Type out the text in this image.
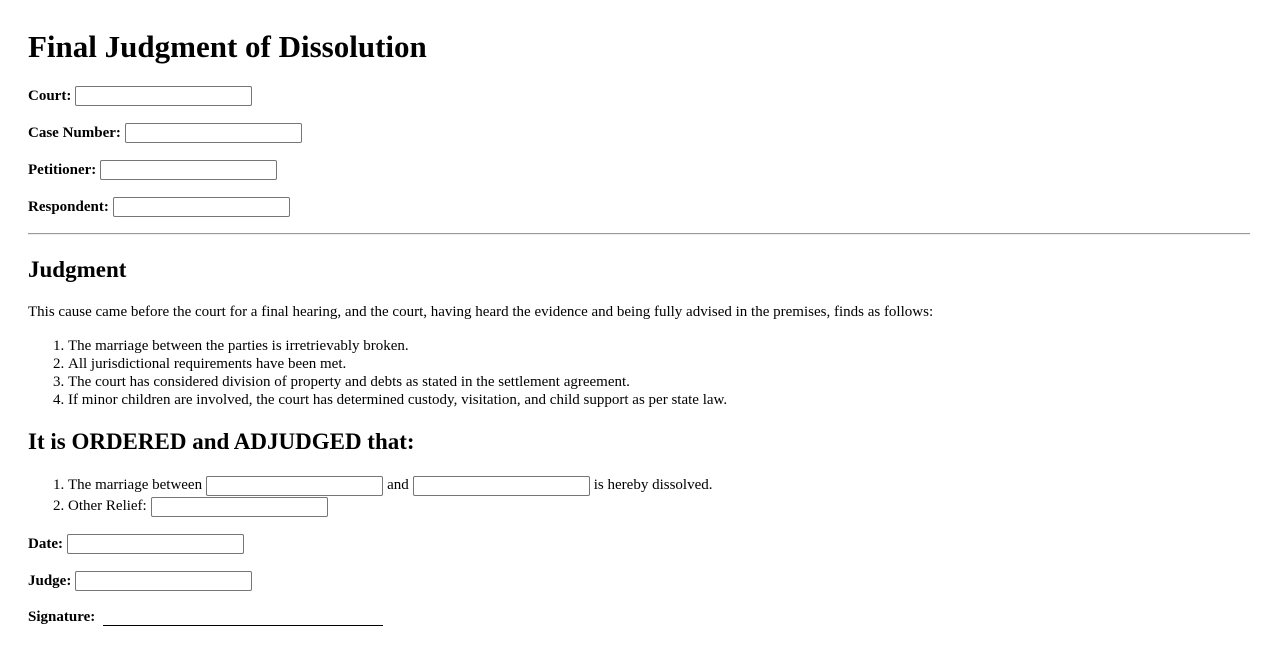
Final Judgment of Dissolution
Court:
Case Number:
Petitioner:
Respondent:
Judgment

This cause came before the court for a final hearing, and the court, having heard the evidence and being fully advised in the premises, finds as follows:

1. The marriage between the parties is irretrievably broken.
2. All jurisdictional requirements have been met.
3. The court has considered division of property and debts as stated in the settlement agreement.
4. If minor children are involved, the court has determined custody, visitation, and child support as per state law.
It is ORDERED and ADJUDGED that:
1. The marriage between	and	is hereby dissolved.
2. Other Relief:
Date:
Judge:
Signature:
